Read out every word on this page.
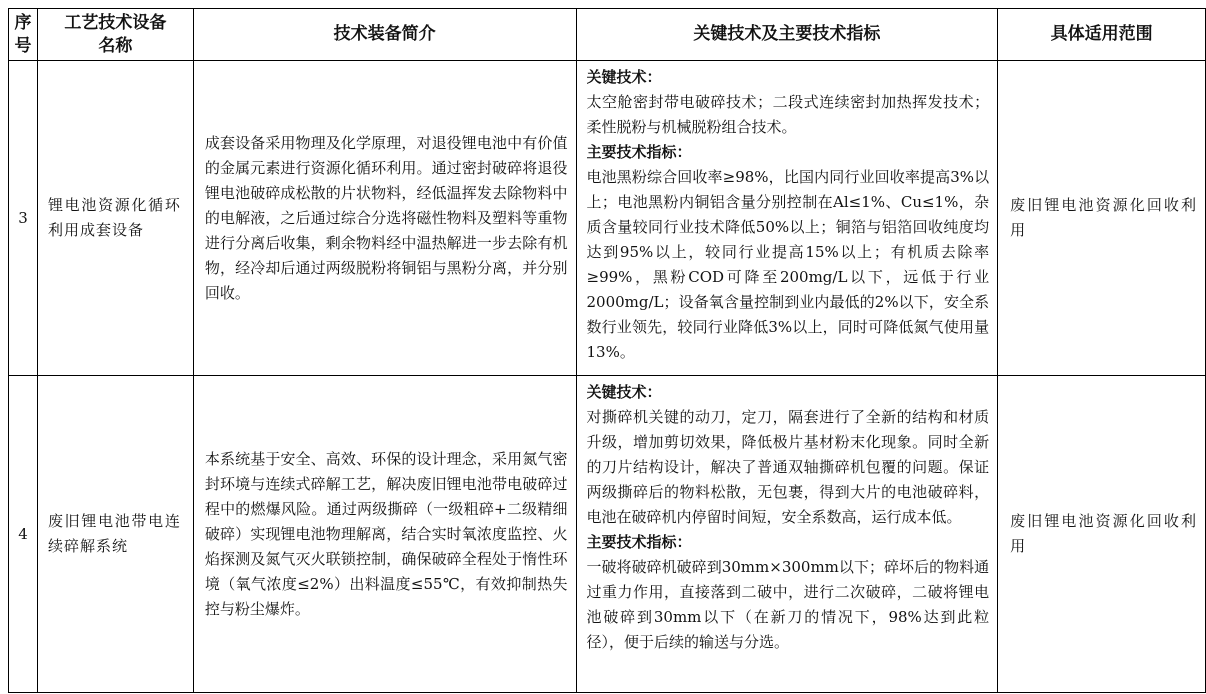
序号	工艺技术设备名称	技术装备简介	关键技术及主要技术指标	具体适用范围
3	锂电池资源化循环利用成套设备	成套设备采用物理及化学原理，对退役锂电池中有价值的金属元素进行资源化循环利用。通过密封破碎将退役锂电池破碎成松散的片状物料，经低温挥发去除物料中的电解液，之后通过综合分选将磁性物料及塑料等重物进行分离后收集，剩余物料经中温热解进一步去除有机物，经冷却后通过两级脱粉将铜铝与黑粉分离，并分别回收。	关键技术：
太空舱密封带电破碎技术；二段式连续密封加热挥发技术；柔性脱粉与机械脱粉组合技术。
主要技术指标：
电池黑粉综合回收率≥98%，比国内同行业回收率提高3%以上；电池黑粉内铜铝含量分别控制在Al≤1%、Cu≤1%，杂质含量较同行业技术降低50%以上；铜箔与铝箔回收纯度均达到95%以上，较同行业提高15%以上；有机质去除率≥99%，黑粉COD可降至200mg/L以下，远低于行业2000mg/L；设备氧含量控制到业内最低的2%以下，安全系数行业领先，较同行业降低3%以上，同时可降低氮气使用量13%。	废旧锂电池资源化回收利用
4	废旧锂电池带电连续碎解系统	本系统基于安全、高效、环保的设计理念，采用氮气密封环境与连续式碎解工艺，解决废旧锂电池带电破碎过程中的燃爆风险。通过两级撕碎（一级粗碎+二级精细破碎）实现锂电池物理解离，结合实时氧浓度监控、火焰探测及氮气灭火联锁控制，确保破碎全程处于惰性环境（氧气浓度≤2%）出料温度≤55℃，有效抑制热失控与粉尘爆炸。	关键技术：
对撕碎机关键的动刀，定刀，隔套进行了全新的结构和材质升级，增加剪切效果，降低极片基材粉末化现象。同时全新的刀片结构设计，解决了普通双轴撕碎机包覆的问题。保证两级撕碎后的物料松散，无包裹，得到大片的电池破碎料，电池在破碎机内停留时间短，安全系数高，运行成本低。
主要技术指标：
一破将破碎机破碎到30mm×300mm以下；碎坏后的物料通过重力作用，直接落到二破中，进行二次破碎，二破将锂电池破碎到30mm以下（在新刀的情况下，98%达到此粒径），便于后续的输送与分选。	废旧锂电池资源化回收利用
